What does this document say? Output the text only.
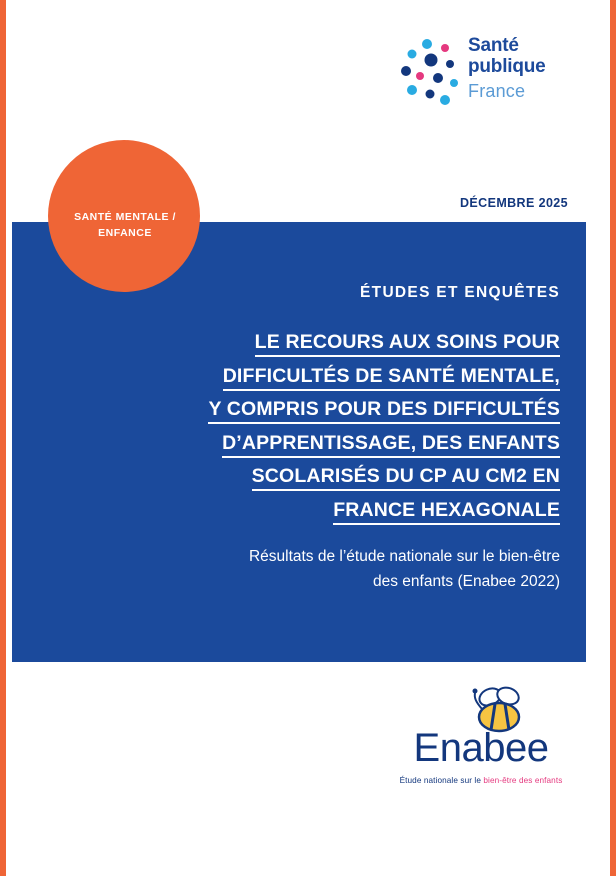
Santé
publique
France
DÉCEMBRE 2025
ÉTUDES ET ENQUÊTES
LE RECOURS AUX SOINS POUR
DIFFICULTÉS DE SANTÉ MENTALE,
Y COMPRIS POUR DES DIFFICULTÉS
D’APPRENTISSAGE, DES ENFANTS
SCOLARISÉS DU CP AU CM2 EN
FRANCE HEXAGONALE
Résultats de l’étude nationale sur le bien-être
des enfants (Enabee 2022)
SANTÉ MENTALE / ENFANCE
Enabee
Étude nationale sur le bien-être des enfants
